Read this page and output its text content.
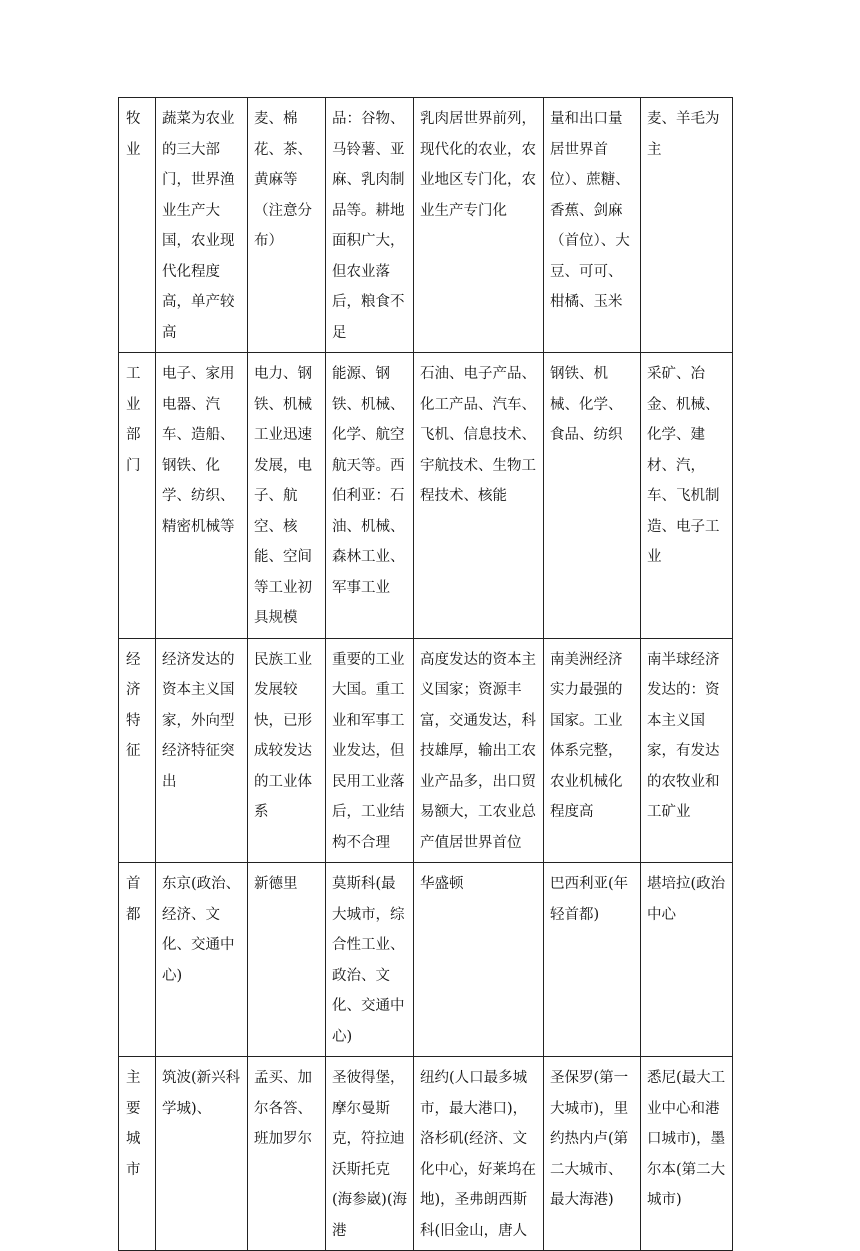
牧业	蔬菜为农业的三大部门，世界渔业生产大国，农业现代化程度高，单产较高	麦、棉花、茶、黄麻等（注意分布）	品：谷物、马铃薯、亚麻、乳肉制品等。耕地面积广大，但农业落后，粮食不足	乳肉居世界前列，现代化的农业，农业地区专门化，农业生产专门化	量和出口量居世界首位）、蔗糖、香蕉、剑麻（首位）、大豆、可可、柑橘、玉米	麦、羊毛为主
工业部门	电子、家用电器、汽车、造船、钢铁、化学、纺织、精密机械等	电力、钢铁、机械工业迅速发展，电子、航空、核能、空间等工业初具规模	能源、钢铁、机械、化学、航空航天等。西伯利亚：石油、机械、森林工业、军事工业	石油、电子产品、化工产品、汽车、飞机、信息技术、宇航技术、生物工程技术、核能	钢铁、机械、化学、食品、纺织	采矿、冶金、机械、化学、建材、汽，车、飞机制造、电子工业
经济特征	经济发达的资本主义国家，外向型经济特征突出	民族工业发展较快，已形成较发达的工业体系	重要的工业大国。重工业和军事工业发达，但民用工业落后，工业结构不合理	高度发达的资本主义国家；资源丰富，交通发达，科技雄厚，输出工农业产品多，出口贸易额大，工农业总产值居世界首位	南美洲经济实力最强的国家。工业体系完整，农业机械化程度高	南半球经济发达的：资本主义国家，有发达的农牧业和工矿业
首都	东京(政治、经济、文化、交通中心)	新德里	莫斯科(最大城市，综合性工业、政治、文化、交通中心)	华盛顿	巴西利亚(年轻首都)	堪培拉(政治中心
主要城市	筑波(新兴科学城)、	孟买、加尔各答、班加罗尔	圣彼得堡，摩尔曼斯克，符拉迪沃斯托克(海参崴)(海港	纽约(人口最多城市，最大港口)，洛杉矶(经济、文化中心，好莱坞在地)，圣弗朗西斯科(旧金山，唐人	圣保罗(第一大城市)，里约热内卢(第二大城市、最大海港)	悉尼(最大工业中心和港口城市)，墨尔本(第二大城市)
